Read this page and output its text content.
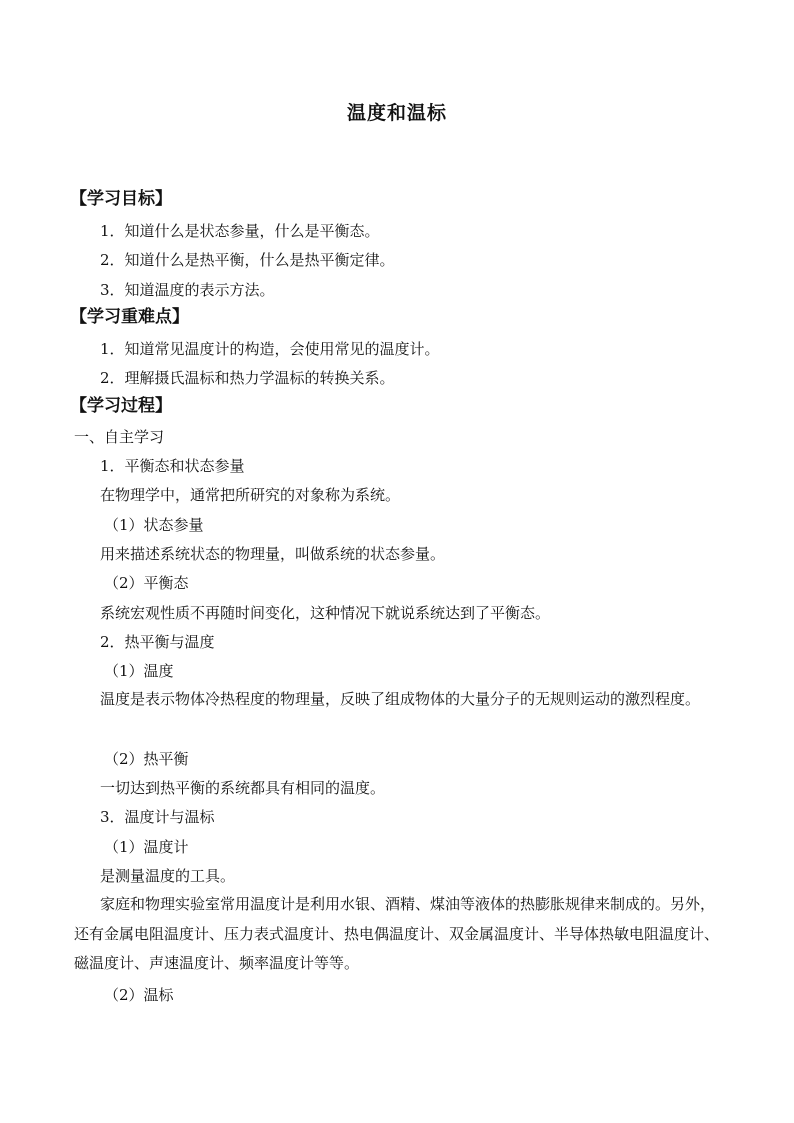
温度和温标
【学习目标】
1．知道什么是状态参量，什么是平衡态。
2．知道什么是热平衡，什么是热平衡定律。
3．知道温度的表示方法。
【学习重难点】
1．知道常见温度计的构造，会使用常见的温度计。
2．理解摄氏温标和热力学温标的转换关系。
【学习过程】
一、自主学习
1．平衡态和状态参量
在物理学中，通常把所研究的对象称为系统。
（1）状态参量
用来描述系统状态的物理量，叫做系统的状态参量。
（2）平衡态
系统宏观性质不再随时间变化，这种情况下就说系统达到了平衡态。
2．热平衡与温度
（1）温度
温度是表示物体冷热程度的物理量，反映了组成物体的大量分子的无规则运动的激烈程度。
（2）热平衡
一切达到热平衡的系统都具有相同的温度。
3．温度计与温标
（1）温度计
是测量温度的工具。
家庭和物理实验室常用温度计是利用水银、酒精、煤油等液体的热膨胀规律来制成的。另外，还有金属电阻温度计、压力表式温度计、热电偶温度计、双金属温度计、半导体热敏电阻温度计、磁温度计、声速温度计、频率温度计等等。
（2）温标
